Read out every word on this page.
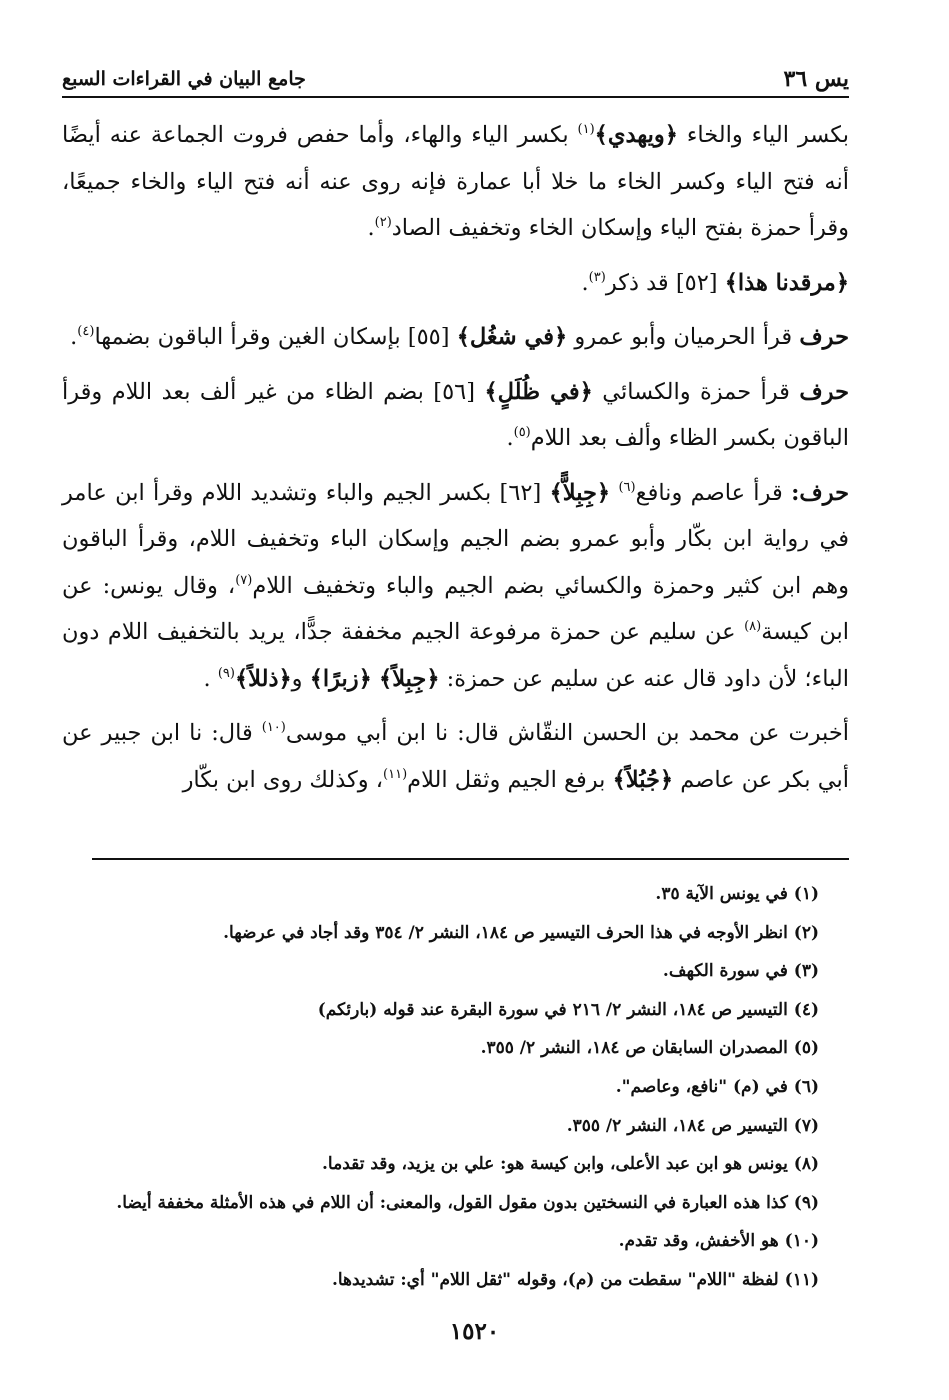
يس ٣٦
جامع البيان في القراءات السبع

بكسر الياء والخاء ﴿ويهدي﴾$^{(١)}$ بكسر الياء والهاء، وأما حفص فروت الجماعة عنه أيضًا أنه فتح الياء وكسر الخاء ما خلا أبا عمارة فإنه روى عنه أنه فتح الياء والخاء جميعًا، وقرأ حمزة بفتح الياء وإسكان الخاء وتخفيف الصاد$^{(٢)}$.

﴿مرقدنا هذا﴾ [٥٢] قد ذكر$^{(٣)}$.

حرف قرأ الحرميان وأبو عمرو ﴿في شغُل﴾ [٥٥] بإسكان الغين وقرأ الباقون بضمها$^{(٤)}$.

حرف قرأ حمزة والكسائي ﴿في ظُلَلٍ﴾ [٥٦] بضم الظاء من غير ألف بعد اللام وقرأ الباقون بكسر الظاء وألف بعد اللام$^{(٥)}$.

حرف: قرأ عاصم ونافع$^{(٦)}$ ﴿جِبِلاًّ﴾ [٦٢] بكسر الجيم والباء وتشديد اللام وقرأ ابن عامر في رواية ابن بكّار وأبو عمرو بضم الجيم وإسكان الباء وتخفيف اللام، وقرأ الباقون وهم ابن كثير وحمزة والكسائي بضم الجيم والباء وتخفيف اللام$^{(٧)}$، وقال يونس: عن ابن كيسة$^{(٨)}$ عن سليم عن حمزة مرفوعة الجيم مخففة جدًّا، يريد بالتخفيف اللام دون الباء؛ لأن داود قال عنه عن سليم عن حمزة: ﴿جِبِلاً﴾ ﴿زبرًا﴾ و﴿ذللاً﴾$^{(٩)}$ .

أخبرت عن محمد بن الحسن النقّاش قال: نا ابن أبي موسى$^{(١٠)}$ قال: نا ابن جبير عن أبي بكر عن عاصم ﴿جُبُلاً﴾ برفع الجيم وثقل اللام$^{(١١)}$، وكذلك روى ابن بكّار

(١) في يونس الآية ٣٥.
(٢) انظر الأوجه في هذا الحرف التيسير ص ١٨٤، النشر ٢/ ٣٥٤ وقد أجاد في عرضها.
(٣) في سورة الكهف.
(٤) التيسير ص ١٨٤، النشر ٢/ ٢١٦ في سورة البقرة عند قوله (بارئكم)
(٥) المصدران السابقان ص ١٨٤، النشر ٢/ ٣٥٥.
(٦) في (م) "نافع، وعاصم".
(٧) التيسير ص ١٨٤، النشر ٢/ ٣٥٥.
(٨) يونس هو ابن عبد الأعلى، وابن كيسة هو: علي بن يزيد، وقد تقدما.
(٩) كذا هذه العبارة في النسختين بدون مقول القول، والمعنى: أن اللام في هذه الأمثلة مخففة أيضا.
(١٠) هو الأخفش، وقد تقدم.
(١١) لفظة "اللام" سقطت من (م)، وقوله "ثقل اللام" أي: تشديدها.
١٥٢٠
